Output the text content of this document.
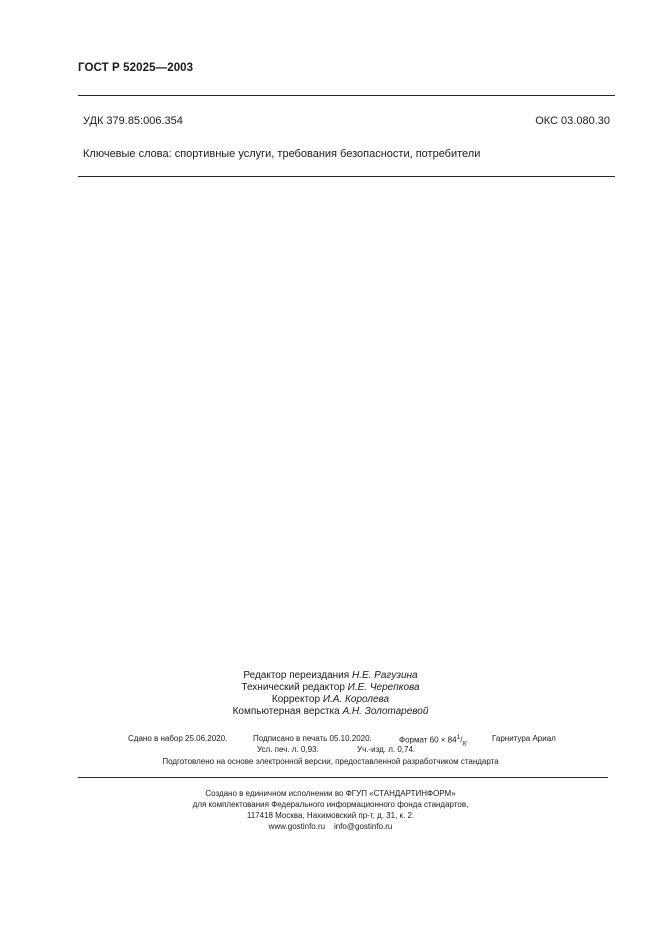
ГОСТ Р 52025—2003
УДК 379.85:006.354	ОКС 03.080.30
Ключевые слова: спортивные услуги, требования безопасности, потребители
Редактор переиздания Н.Е. Рагузина
Технический редактор И.Е. Черепкова
Корректор И.А. Королева
Компьютерная верстка А.Н. Золотаревой
Сдано в набор 25.06.2020.	Подписано в печать 05.10.2020.	Формат $60 \times 84^1/_8$.	Гарнитура Ариал
Усл. печ. л. 0,93.	Уч.-изд. л. 0,74.
Подготовлено на основе электронной версии, предоставленной разработчиком стандарта
Создано в единичном исполнении во ФГУП «СТАНДАРТИНФОРМ»
для комплектования Федерального информационного фонда стандартов,
117418 Москва, Нахимовский пр-т, д. 31, к. 2.
www.gostinfo.ru info@gostinfo.ru
